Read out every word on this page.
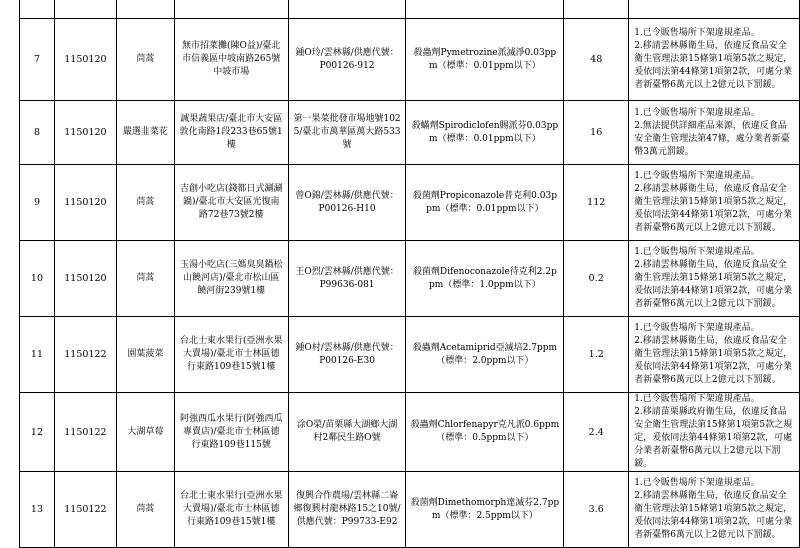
7	1150120	茼蒿	無市招菜攤(陳O益)/臺北市信義區中坡南路265號中坡市場	鍾O玲/雲林縣/供應代號：P00126-912	殺蟲劑Pymetrozine派滅淨0.03ppm（標準：0.01ppm以下）	48	1.已令販售場所下架違規產品。
2.移請雲林縣衛生局，依違反食品安全衛生管理法第15條第1項第5款之規定，爰依同法第44條第1項第2款，可處分業者新臺幣6萬元以上2億元以下罰鍰。
8	1150120	嚴選韭菜花	誠果蔬果店/臺北市大安區敦化南路1段233巷65號1樓	第一果菜批發市場地號1025/臺北市萬華區萬大路533號	殺蟎劑Spirodiclofen賜派芬0.03ppm（標準：0.01ppm以下）	16	1.已令販售場所下架違規產品。
2.無法提供詳細產品來源，依違反食品安全衛生管理法第47條，處分業者新臺幣3萬元罰鍰。
9	1150120	茼蒿	吉創小吃店(錢都日式涮涮鍋)/臺北市大安區光復南路72巷73號2樓	曾O錦/雲林縣/供應代號：P00126-H10	殺菌劑Propiconazole普克利0.03ppm（標準：0.01ppm以下）	112	1.已令販售場所下架違規產品。
2.移請雲林縣衛生局，依違反食品安全衛生管理法第15條第1項第5款之規定，爰依同法第44條第1項第2款，可處分業者新臺幣6萬元以上2億元以下罰鍰。
10	1150120	茼蒿	玉湯小吃店(三媽臭臭鍋松山饒河店)/臺北市松山區饒河街239號1樓	王O烈/雲林縣/供應代號：P99636-081	殺菌劑Difenoconazole待克利2.2ppm（標準：1.0ppm以下）	0.2	1.已令販售場所下架違規產品。
2.移請雲林縣衛生局，依違反食品安全衛生管理法第15條第1項第5款之規定，爰依同法第44條第1項第2款，可處分業者新臺幣6萬元以上2億元以下罰鍰。
11	1150122	園葉菠菜	台北士東水果行(亞洲水果大賣場)/臺北市士林區德行東路109巷15號1樓	鍾O村/雲林縣/供應代號：P00126-E30	殺蟲劑Acetamiprid亞滅培2.7ppm（標準：2.0ppm以下）	1.2	1.已令販售場所下架違規產品。
2.移請雲林縣衛生局，依違反食品安全衛生管理法第15條第1項第5款之規定，爰依同法第44條第1項第2款，可處分業者新臺幣6萬元以上2億元以下罰鍰。
12	1150122	大湖草莓	阿強西瓜水果行(阿強西瓜專賣店)/臺北市士林區德行東路109巷115號	涂O榮/苗栗縣大湖鄉大湖村2鄰民生路O號	殺蟲劑Chlorfenapyr克凡派0.6ppm（標準：0.5ppm以下）	2.4	1.已令販售場所下架違規產品。
2.移請苗栗縣政府衛生局，依違反食品安全衛生管理法第15條第1項第5款之規定，爰依同法第44條第1項第2款，可處分業者新臺幣6萬元以上2億元以下罰鍰。
13	1150122	茼蒿	台北士東水果行(亞洲水果大賣場)/臺北市士林區德行東路109巷15號1樓	復興合作農場/雲林縣二崙鄉復興村龍林路15之10號/供應代號：P99733-E92	殺菌劑Dimethomorph達滅芬2.7ppm（標準：2.5ppm以下）	3.6	1.已令販售場所下架違規產品。
2.移請雲林縣衛生局，依違反食品安全衛生管理法第15條第1項第5款之規定，爰依同法第44條第1項第2款，可處分業者新臺幣6萬元以上2億元以下罰鍰。
